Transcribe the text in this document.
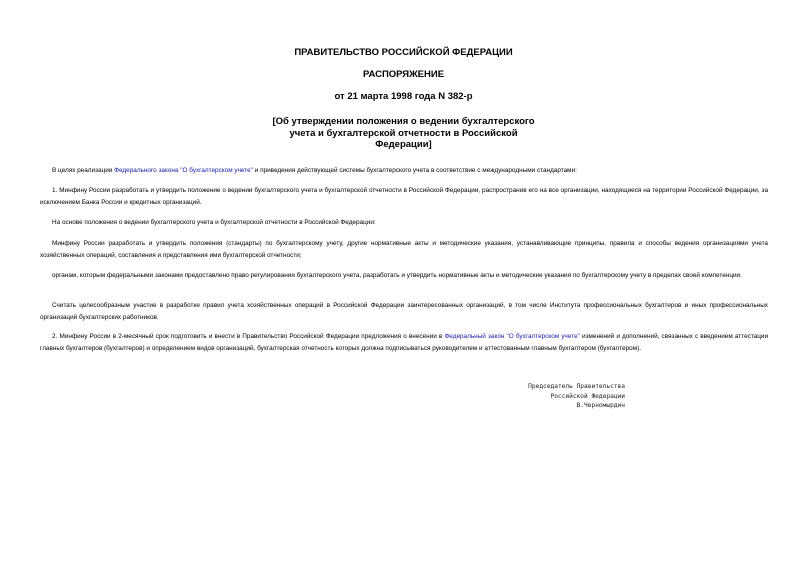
ПРАВИТЕЛЬСТВО РОССИЙСКОЙ ФЕДЕРАЦИИ
РАСПОРЯЖЕНИЕ
от 21 марта 1998 года N 382-р
[Об утверждении положения о ведении бухгалтерского
учета и бухгалтерской отчетности в Российской
Федерации]

В целях реализации Федерального закона "О бухгалтерском учете" и приведения действующей системы бухгалтерского учета в соответствие с международными стандартами:

1. Минфину России разработать и утвердить положение о ведении бухгалтерского учета и бухгалтерской отчетности в Российской Федерации, распространив его на все организации, находящиеся на территории Российской Федерации, за исключением Банка России и кредитных организаций.

На основе положения о ведении бухгалтерского учета и бухгалтерской отчетности в Российской Федерации:

Минфину России разработать и утвердить положения (стандарты) по бухгалтерскому учету, другие нормативные акты и методические указания, устанавливающие принципы, правила и способы ведения организациями учета хозяйственных операций, составления и представления ими бухгалтерской отчетности;

органам, которым федеральными законами предоставлено право регулирования бухгалтерского учета, разработать и утвердить нормативные акты и методические указания по бухгалтерскому учету в пределах своей компетенции.

Считать целесообразным участие в разработке правил учета хозяйственных операций в Российской Федерации заинтересованных организаций, в том числе Института профессиональных бухгалтеров и иных профессиональных организаций бухгалтерских работников.

2. Минфину России в 2-месячный срок подготовить и внести в Правительство Российской Федерации предложения о внесении в Федеральный закон "О бухгалтерском учете" изменений и дополнений, связанных с введением аттестации главных бухгалтеров (бухгалтеров) и определением видов организаций, бухгалтерская отчетность которых должна подписываться руководителем и аттестованным главным бухгалтером (бухгалтером).

Председатель Правительства
Российской Федерации
В.Черномырдин
